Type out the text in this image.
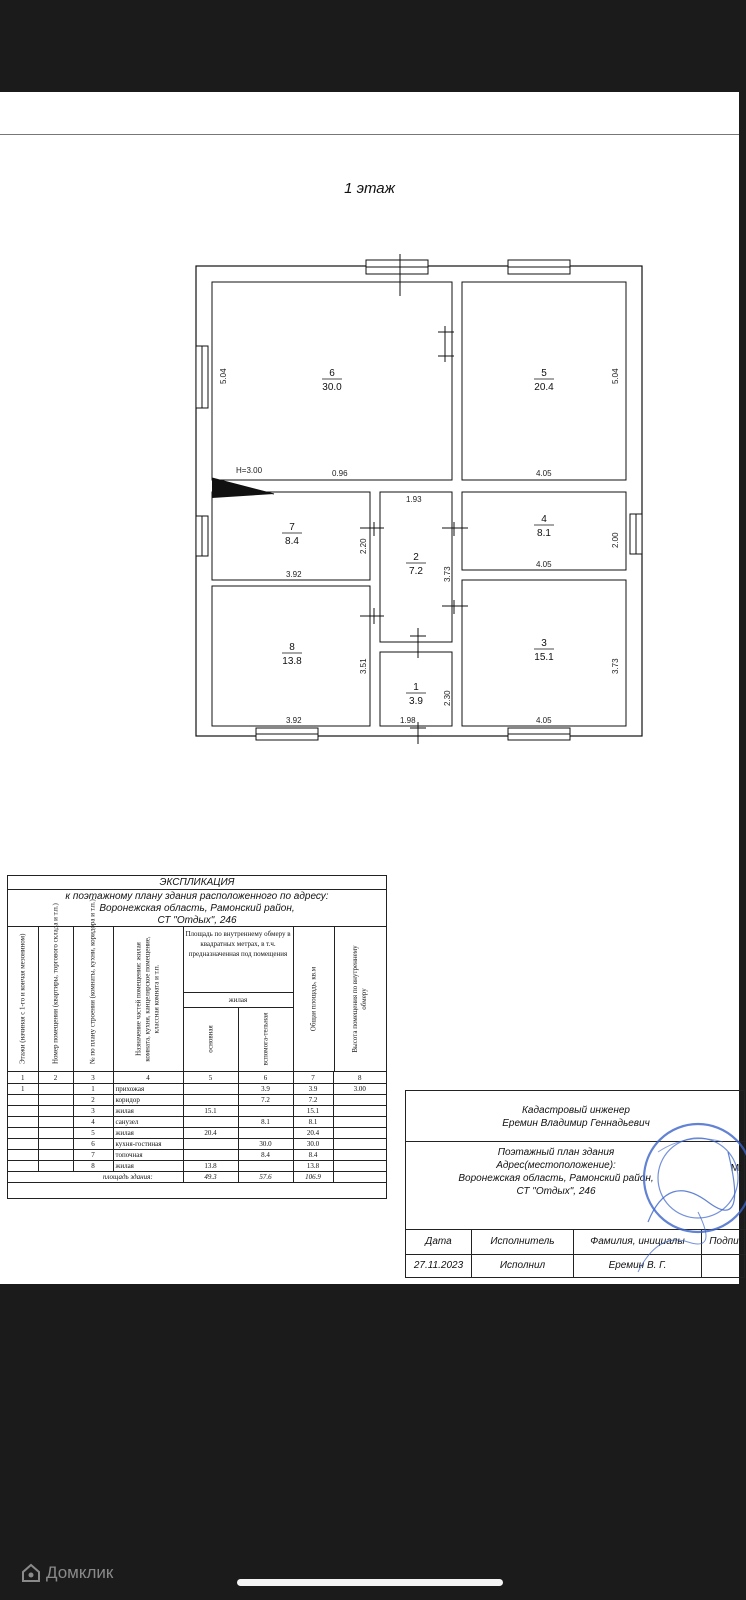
1 этаж
6
30.0
5
20.4
7
8.4
2
7.2
4
8.1
8
13.8
3
15.1
1
3.9
5.04	5.04
H=3.00	0.96	4.05
1.93
2.20	2.00
3.73
4.05
3.92
3.51	3.73
2.30
3.92	1.98	4.05
ЭКСПЛИКАЦИЯ
к поэтажному плану здания расположенного по адресу:
Воронежская область, Рамонский район,
СТ "Отдых", 246
Этажи (начиная с 1-го и кончая мезонином)	Номер помещения (квартиры, торгового склада и т.п.)	№ по плану строения (комнаты, кухни, коридора и т.п.)	Назначение частей помещения: жилая комната, кухня, канцелярское помещение, классная комната и т.п.
Площадь по внутреннему обмеру в квадратных метрах, в т.ч. предназначенная под помещения
жилая
основная	вспомога-тельная
Общая площадь, кв.м	Высота помещения по внутреннему обмеру
1	2	3	4	5	6	7	8
1		1	прихожая		3.9	3.9	3.00
		2	коридор		7.2	7.2	
		3	жилая	15.1		15.1	
		4	санузел		8.1	8.1	
		5	жилая	20.4		20.4	
		6	кухня-гостиная		30.0	30.0	
		7	топочная		8.4	8.4	
		8	жилая	13.8		13.8	
		площадь здания:		49.3	57.6	106.9	
Кадастровый инженер
Еремин Владимир Геннадьевич
Поэтажный план здания
Адрес(местоположение):
Воронежская область, Рамонский район,
СТ "Отдых", 246
М:
Дата	Исполнитель	Фамилия, инициалы	Подпи
27.11.2023	Исполнил	Еремин В. Г.
Домклик
